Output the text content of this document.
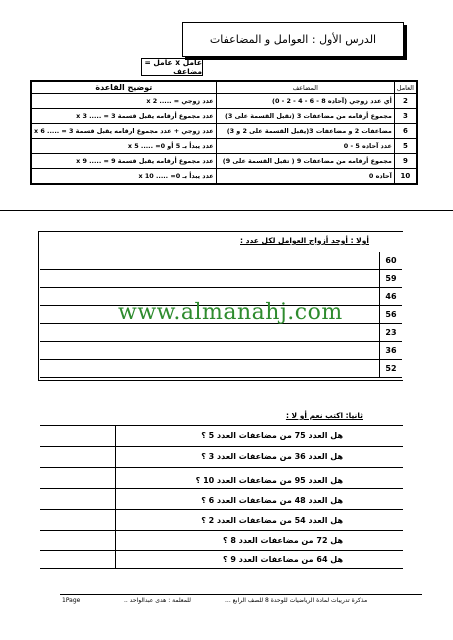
الدرس الأول : العوامل و المضاعفات
عامل x عامل = مضاعف
العامل	المضاعف	توضيح القاعدة
2	أي عدد زوجي (آحاده 8 - 6 - 4 - 2 - 0)	عدد زوجي = ..... x 2
3	مجموع أرقامه من مضاعفات 3 (تقبل القسمة على 3)	عدد مجموع أرقامه يقبل قسمة 3 = ..... x 3
6	مضاعفات 2 و مضاعفات 3(يقبل القسمة على 2 و 3)	عدد زوجي + عدد مجموع ارقامه يقبل قسمة 3 = ..... x 6
5	عدد آحاده 5 - 0	عدد يبدأ بـ 5 أو 0= ..... x 5
9	مجموع أرقامه من مضاعفات 9 ( تقبل القسمة على 9)	عدد مجموع أرقامه يقبل قسمة 9 = ..... x 9
10	آحاده 0	عدد يبدأ بـ 0= ..... x 10
أولا : أوجد أزواج العوامل لكل عدد :
	60
	59
	46
	56
	23
	36
	52
www.almanahj.com
ثانيا: اكتب نعم أو لا :
هل العدد 75 من مضاعفات العدد 5 ؟
هل العدد 36 من مضاعفات العدد 3 ؟
هل العدد 95 من مضاعفات العدد 10 ؟
هل العدد 48 من مضاعفات العدد 6 ؟
هل العدد 54 من مضاعفات العدد 2 ؟
هل 72 من مضاعفات العدد 8 ؟
هل 64 من مضاعفات العدد 9 ؟
1Page	للمعلمة : هدى عبدالواحد ..	مذكرة تدريبات لمادة الرياضيات للوحدة 8 للصف الرابع ...
